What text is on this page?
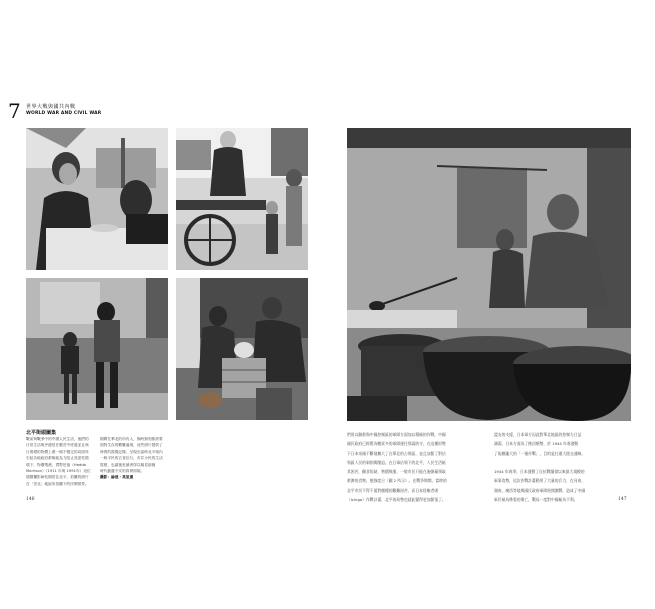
7 世界大戰與國共內戰
WORLD WAR AND CIVIL WAR
北平街頭圖集
戰前與戰爭中的中國人民生活，他們的
日常生活幾乎總是在艱苦中度過並且與
日俱增的物價上漲一個不穩定的局面所
引起各地政府都無能為力阻止其惡性循
環下，物價飛漲，貨幣貶值（Hedda
Morrison）（1911 年與 1991年）這位
德國攝影師長期居住北平，拍攝的照片
在「老北」地區所拍攝下的民間情景。
期間在華北的所有人，無時無刻都需要
面對生存的艱難處境，這些照片提供了
珍貴的視覺記錄，呈現出當時北平城內
一般平民的衣食住行，市井小民的生活
寫照，也讓後世讀者得以窺見那個
時代動盪不安的真實面貌。
攝影：赫達・莫里遜
們用以解救與中國控制區的軍隊方面加以積極的作戰，中國
國民政府已經將為數眾多的軍隊運往那裏防守，在這種形勢
下日本帝國不斷地擴大了在華北的占領區，並且加緊了對佔
領區人民的剝削與壓迫。在日軍佔領下的北平，人民生活極
其困苦，糧食短缺，物價飛漲，一般市民只能在施粥廠領取
救濟的食物，勉強度日（圖 2 所示）。在戰爭期間，當時的
北平市民不得不面對種種的艱難困苦，而日本侵略者則
（Ichigo）作戰計畫，北平的局勢也就此變得更加緊張了。
盟友的支援，日本軍方因此對華北地區的控制力日益
減弱，日本方面為了挽回頹勢，於 1944 年春發動
了規模龐大的「一號作戰」，目的是打通大陸交通線。

1944 年春季，日本發動了自抗戰爆發以來最大規模的
軍事攻勢，這次作戰計畫動用了大量的兵力，在河南、
湖南、廣西等地與國民政府軍隊展開激戰，造成了中國
軍民極為慘重的傷亡，戰局一度對中國極為不利。
146	147
